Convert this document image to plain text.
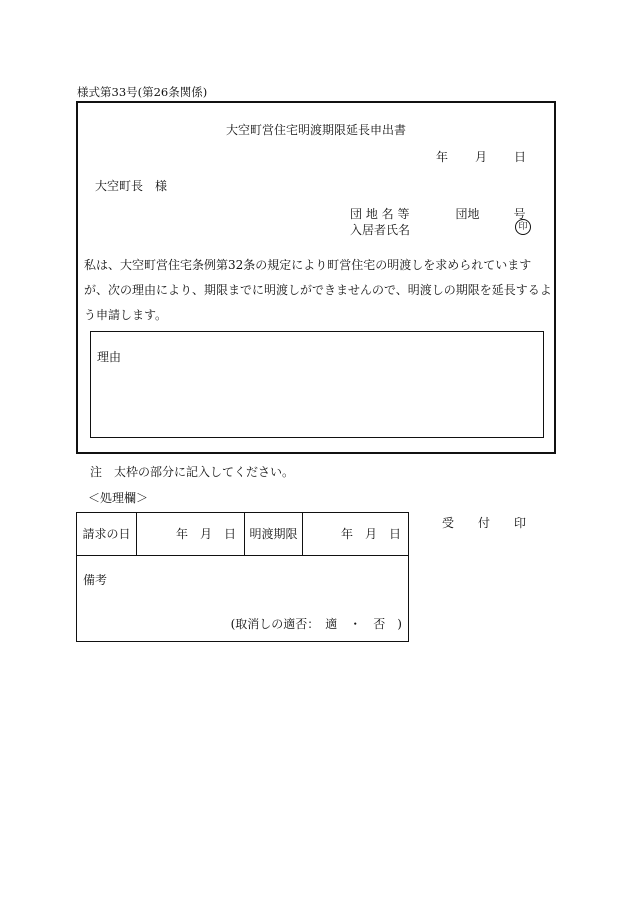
様式第33号(第26条関係)
大空町営住宅明渡期限延長申出書
年 月 日
大空町長　様
団 地 名 等	団地	号
入居者氏名	印
私は、大空町営住宅条例第32条の規定により町営住宅の明渡しを求められていますが、次の理由により、期限までに明渡しができませんので、明渡しの期限を延長するよう申請します。
理由
注　太枠の部分に記入してください。
＜処理欄＞
請求の日	年　月　日	明渡期限	年　月　日
備考
(取消しの適否：　適　・　否　)
受　　付　　印
